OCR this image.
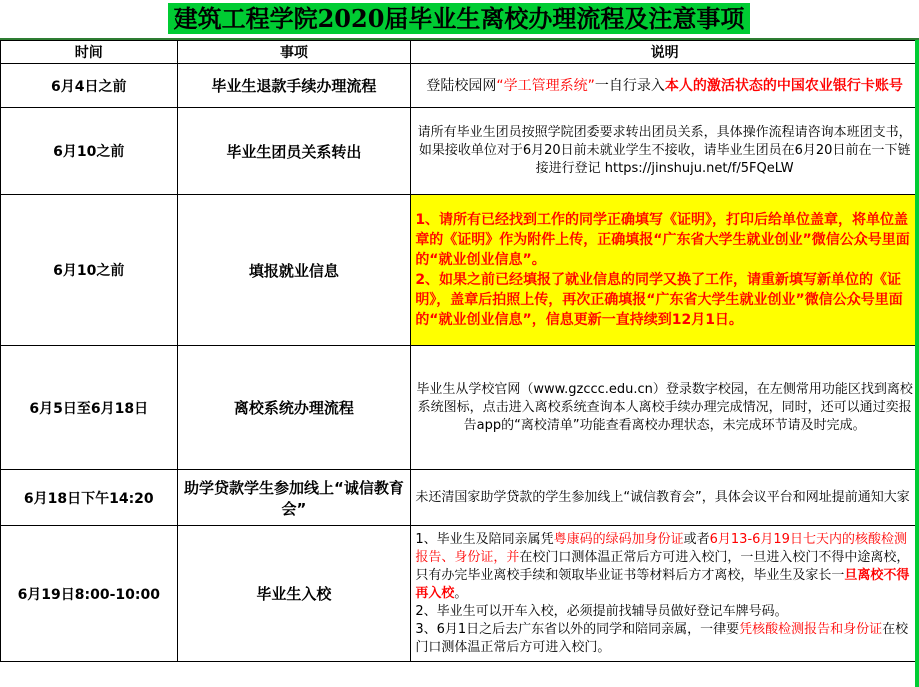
建筑工程学院2020届毕业生离校办理流程及注意事项
时间	事项	说明
6月4日之前	毕业生退款手续办理流程	登陆校园网“学工管理系统”一自行录入本人的激活状态的中国农业银行卡账号
6月10之前	毕业生团员关系转出	请所有毕业生团员按照学院团委要求转出团员关系，具体操作流程请咨询本班团支书，如果接收单位对于6月20日前未就业学生不接收，请毕业生团员在6月20日前在一下链接进行登记 https://jinshuju.net/f/5FQeLW
6月10之前	填报就业信息	1、请所有已经找到工作的同学正确填写《证明》，打印后给单位盖章，将单位盖章的《证明》作为附件上传，正确填报“广东省大学生就业创业”微信公众号里面的“就业创业信息”。
2、如果之前已经填报了就业信息的同学又换了工作，请重新填写新单位的《证明》，盖章后拍照上传，再次正确填报“广东省大学生就业创业”微信公众号里面的“就业创业信息”，信息更新一直持续到12月1日。

6月5日至6月18日	离校系统办理流程	毕业生从学校官网（www.gzccc.edu.cn）登录数字校园，在左侧常用功能区找到离校系统图标，点击进入离校系统查询本人离校手续办理完成情况，同时，还可以通过奕报告app的“离校清单”功能查看离校办理状态，未完成环节请及时完成。
6月18日下午14:20	助学贷款学生参加线上“诚信教育会”	未还清国家助学贷款的学生参加线上“诚信教育会”，具体会议平台和网址提前通知大家
6月19日8:00-10:00	毕业生入校	1、毕业生及陪同亲属凭粤康码的绿码加身份证或者6月13-6月19日七天内的核酸检测报告、身份证，并在校门口测体温正常后方可进入校门，一旦进入校门不得中途离校，只有办完毕业离校手续和领取毕业证书等材料后方才离校，毕业生及家长一旦离校不得再入校。
2、毕业生可以开车入校，必须提前找辅导员做好登记车牌号码。
3、6月1日之后去广东省以外的同学和陪同亲属，一律要凭核酸检测报告和身份证在校门口测体温正常后方可进入校门。
